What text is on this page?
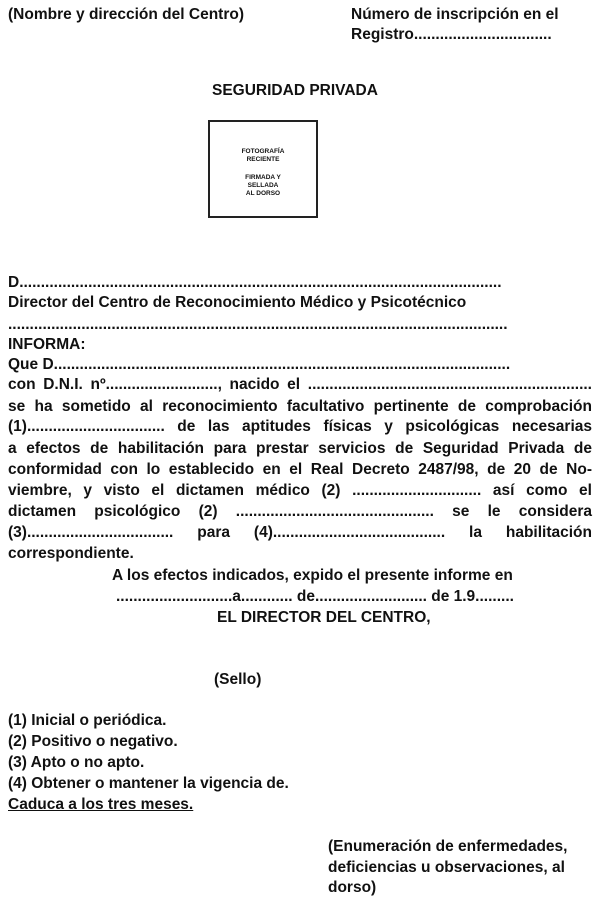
(Nombre y dirección del Centro)	Número de inscripción en el
Registro................................
SEGURIDAD PRIVADA
FOTOGRAFÍA
RECIENTE
FIRMADA Y
SELLADA
AL DORSO
D................................................................................................................
Director del Centro de Reconocimiento Médico y Psicotécnico
....................................................................................................................
INFORMA:
Que D..........................................................................................................
con D.N.I. nº.........................., nacido el ..................................................................
se ha sometido al reconocimiento facultativo pertinente de comprobación
(1)................................ de las aptitudes físicas y psicológicas necesarias
a efectos de habilitación para prestar servicios de Seguridad Privada de
conformidad con lo establecido en el Real Decreto 2487/98, de 20 de No-
viembre, y visto el dictamen médico (2) .............................. así como el
dictamen psicológico (2) .............................................. se le considera
(3).................................. para (4)........................................ la habilitación
correspondiente.
A los efectos indicados, expido el presente informe en
...........................a............ de.......................... de 1.9.........
EL DIRECTOR DEL CENTRO,
(Sello)
(1) Inicial o periódica.
(2) Positivo o negativo.
(3) Apto o no apto.
(4) Obtener o mantener la vigencia de.
Caduca a los tres meses.
(Enumeración de enfermedades,
deficiencias u observaciones, al
dorso)
